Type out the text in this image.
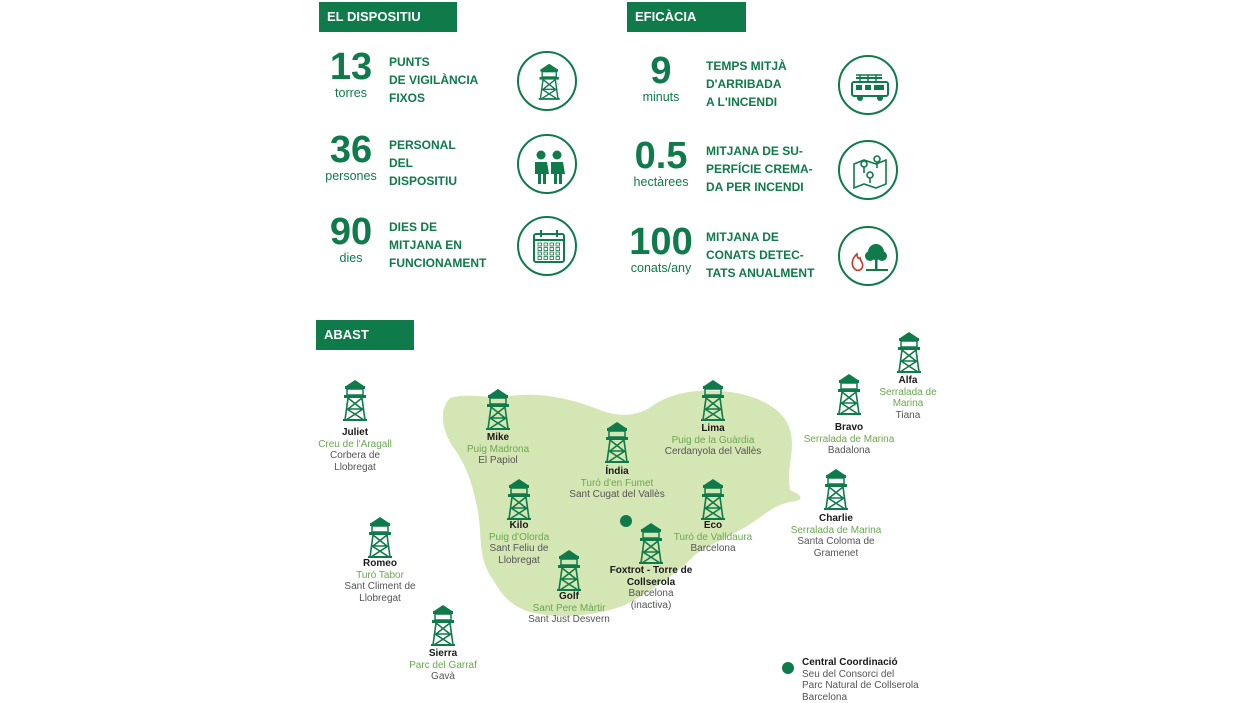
EL DISPOSITIU	EFICÀCIA
ABAST
13
torres
PUNTS
DE VIGILÀNCIA
FIXOS
36
persones
PERSONAL
DEL
DISPOSITIU
90
dies
DIES DE
MITJANA EN
FUNCIONAMENT
9
minuts
TEMPS MITJÀ
D'ARRIBADA
A L'INCENDI
0.5
hectàrees
MITJANA DE SU-
PERFÍCIE CREMA-
DA PER INCENDI
100
conats/any
MITJANA DE
CONATS DETEC-
TATS ANUALMENT
Alfa
Serralada de
Marina
Tiana
Bravo
Serralada de Marina
Badalona
Charlie
Serralada de Marina
Santa Coloma de
Gramenet
Juliet
Creu de l'Aragall
Corbera de
Llobregat
Mike
Puig Madrona
El Papiol
Lima
Puig de la Guàrdia
Cerdanyola del Vallès
Índia
Turó d'en Fumet
Sant Cugat del Vallès
Kilo
Puig d'Olorda
Sant Feliu de
Llobregat
Eco
Turó de Valldaura
Barcelona
Romeo
Turó Tabor
Sant Climent de
Llobregat	Golf
Sant Pere Màrtir
Sant Just Desvern
Foxtrot - Torre de
Collserola
Barcelona
(inactiva)
Sierra
Parc del Garraf
Gavà
Central Coordinació
Seu del Consorci del
Parc Natural de Collserola
Barcelona
